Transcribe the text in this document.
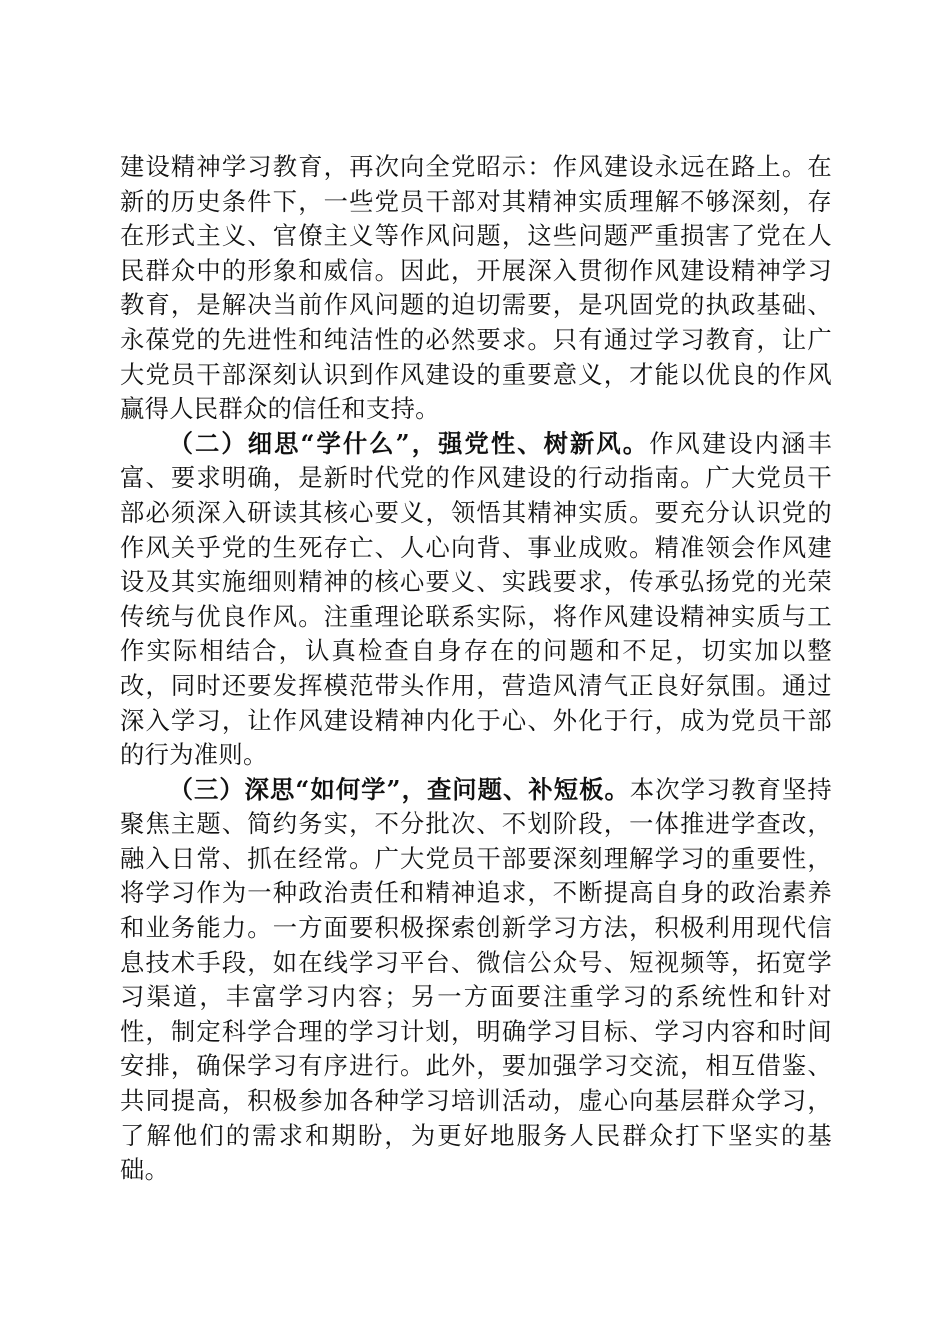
建设精神学习教育，再次向全党昭示：作风建设永远在路上。在新的历史条件下，一些党员干部对其精神实质理解不够深刻，存在形式主义、官僚主义等作风问题，这些问题严重损害了党在人民群众中的形象和威信。因此，开展深入贯彻作风建设精神学习教育，是解决当前作风问题的迫切需要，是巩固党的执政基础、永葆党的先进性和纯洁性的必然要求。只有通过学习教育，让广大党员干部深刻认识到作风建设的重要意义，才能以优良的作风赢得人民群众的信任和支持。

（二）细思“学什么”，强党性、树新风。作风建设内涵丰富、要求明确，是新时代党的作风建设的行动指南。广大党员干部必须深入研读其核心要义，领悟其精神实质。要充分认识党的作风关乎党的生死存亡、人心向背、事业成败。精准领会作风建设及其实施细则精神的核心要义、实践要求，传承弘扬党的光荣传统与优良作风。注重理论联系实际，将作风建设精神实质与工作实际相结合，认真检查自身存在的问题和不足，切实加以整改，同时还要发挥模范带头作用，营造风清气正良好氛围。通过深入学习，让作风建设精神内化于心、外化于行，成为党员干部的行为准则。

（三）深思“如何学”，查问题、补短板。本次学习教育坚持聚焦主题、简约务实，不分批次、不划阶段，一体推进学查改，融入日常、抓在经常。广大党员干部要深刻理解学习的重要性，将学习作为一种政治责任和精神追求，不断提高自身的政治素养和业务能力。一方面要积极探索创新学习方法，积极利用现代信息技术手段，如在线学习平台、微信公众号、短视频等，拓宽学习渠道，丰富学习内容；另一方面要注重学习的系统性和针对性，制定科学合理的学习计划，明确学习目标、学习内容和时间安排，确保学习有序进行。此外，要加强学习交流，相互借鉴、共同提高，积极参加各种学习培训活动，虚心向基层群众学习，了解他们的需求和期盼，为更好地服务人民群众打下坚实的基础。
